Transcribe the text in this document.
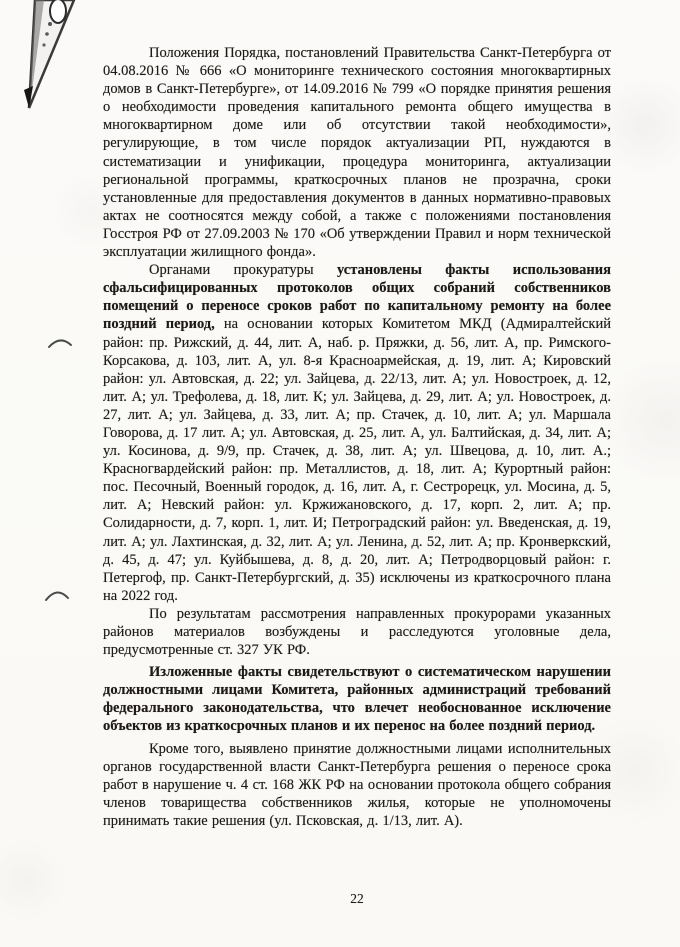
Положения Порядка, постановлений Правительства Санкт-Петербурга от 04.08.2016 № 666 «О мониторинге технического состояния многоквартирных домов в Санкт-Петербурге», от 14.09.2016 № 799 «О порядке принятия решения о необходимости проведения капитального ремонта общего имущества в многоквартирном доме или об отсутствии такой необходимости», регулирующие, в том числе порядок актуализации РП, нуждаются в систематизации и унификации, процедура мониторинга, актуализации региональной программы, краткосрочных планов не прозрачна, сроки установленные для предоставления документов в данных нормативно-правовых актах не соотносятся между собой, а также с положениями постановления Госстроя РФ от 27.09.2003 № 170 «Об утверждении Правил и норм технической эксплуатации жилищного фонда».

Органами прокуратуры установлены факты использования сфальсифицированных протоколов общих собраний собственников помещений о переносе сроков работ по капитальному ремонту на более поздний период, на основании которых Комитетом МКД (Адмиралтейский район: пр. Рижский, д. 44, лит. А, наб. р. Пряжки, д. 56, лит. А, пр. Римского-Корсакова, д. 103, лит. А, ул. 8-я Красноармейская, д. 19, лит. А; Кировский район: ул. Автовская, д. 22; ул. Зайцева, д. 22/13, лит. А; ул. Новостроек, д. 12, лит. А; ул. Трефолева, д. 18, лит. К; ул. Зайцева, д. 29, лит. А; ул. Новостроек, д. 27, лит. А; ул. Зайцева, д. 33, лит. А; пр. Стачек, д. 10, лит. А; ул. Маршала Говорова, д. 17 лит. А; ул. Автовская, д. 25, лит. А, ул. Балтийская, д. 34, лит. А; ул. Косинова, д. 9/9, пр. Стачек, д. 38, лит. А; ул. Швецова, д. 10, лит. А.; Красногвардейский район: пр. Металлистов, д. 18, лит. А; Курортный район: пос. Песочный, Военный городок, д. 16, лит. А, г. Сестрорецк, ул. Мосина, д. 5, лит. А; Невский район: ул. Кржижановского, д. 17, корп. 2, лит. А; пр. Солидарности, д. 7, корп. 1, лит. И; Петроградский район: ул. Введенская, д. 19, лит. А; ул. Лахтинская, д. 32, лит. А; ул. Ленина, д. 52, лит. А; пр. Кронверкский, д. 45, д. 47; ул. Куйбышева, д. 8, д. 20, лит. А; Петродворцовый район: г. Петергоф, пр. Санкт-Петербургский, д. 35) исключены из краткосрочного плана на 2022 год.

По результатам рассмотрения направленных прокурорами указанных районов материалов возбуждены и расследуются уголовные дела, предусмотренные ст. 327 УК РФ.

Изложенные факты свидетельствуют о систематическом нарушении должностными лицами Комитета, районных администраций требований федерального законодательства, что влечет необоснованное исключение объектов из краткосрочных планов и их перенос на более поздний период.

Кроме того, выявлено принятие должностными лицами исполнительных органов государственной власти Санкт-Петербурга решения о переносе срока работ в нарушение ч. 4 ст. 168 ЖК РФ на основании протокола общего собрания членов товарищества собственников жилья, которые не уполномочены принимать такие решения (ул. Псковская, д. 1/13, лит. А).

22
